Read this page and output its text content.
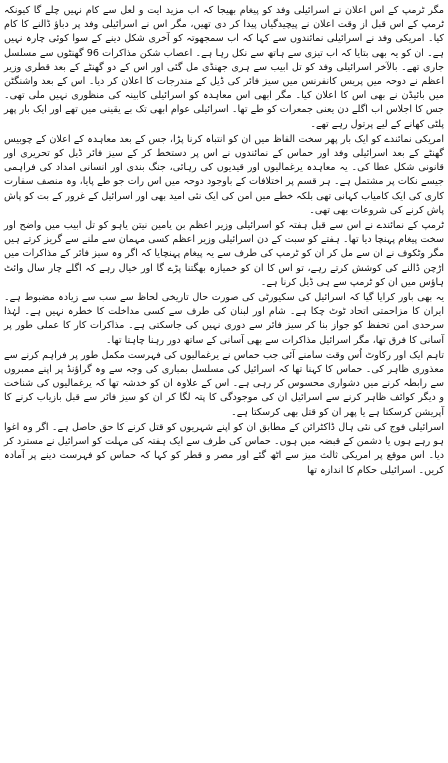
مگر ٹرمپ کے اس اعلان نے اسرائیلی وفد کو پیغام بھیجا کہ اب مزید ایت و لعل سے کام نہیں چلے گا کیونکہ ٹرمپ کے اس قبل از وقت اعلان نے پیچیدگیاں پیدا کر دی تھیں، مگر اس نے اسرائیلی وفد پر دباؤ ڈالنے کا کام کیا۔ امریکی وفد نے اسرائیلی نمائندوں سے کہا کہ اب سمجھوتہ کو آخری شکل دینے کے سوا کوئی چارہ نہیں ہے۔ ان کو یہ بھی بتایا کہ اب تیزی سے ہاتھ سے نکل رہا ہے۔ اعصاب شکن مذاکرات 96 گھنٹوں سے مسلسل جاری تھے۔ بالآخر اسرائیلی وفد کو تل ابیب سے ہری جھنڈی مل گئی اور اس کے دو گھنٹے کے بعد قطری وزیر اعظم نے دوحہ میں پریس کانفرنس میں سیز فائر کی ڈیل کے مندرجات کا اعلان کر دیا۔ اس کے بعد واشنگٹن میں بائیڈن نے بھی اس کا اعلان کیا۔ مگر ابھی اس معاہدہ کو اسرائیلی کابینہ کی منظوری نہیں ملی تھی۔ جس کا اجلاس اب اگلے دن یعنی جمعرات کو طے تھا۔ اسرائیلی عوام ابھی تک بے یقینی میں تھے اور ایک بار پھر پلٹی کھانے کے لیے پرتول رہے تھے۔

امریکی نمائندے کو ایک بار پھر سخت الفاظ میں ان کو انتباہ کرنا پڑا، جس کے بعد معاہدہ کے اعلان کے چوبیس گھنٹے کے بعد اسرائیلی وفد اور حماس کے نمائندوں نے اس پر دستخط کر کے سیز فائر ڈیل کو تحریری اور قانونی شکل عطا کی۔ یہ معاہدہ یرغمالیوں اور قیدیوں کی رہائی، جنگ بندی اور انسانی امداد کی فراہمی جیسے نکات پر مشتمل ہے۔ ہر قسم پر اختلافات کے باوجود دوحہ میں اس رات جو طے پایا، وہ منصف سفارت کاری کی ایک کامیاب کہانی تھی بلکہ خطے میں امن کی ایک نئی امید بھی اور اسرائیل کے غرور کے بت کو پاش پاش کرنے کی شروعات بھی تھی۔

ٹرمپ کے نمائندے نے اس سے قبل ہفتہ کو اسرائیلی وزیر اعظم بن یامین نیتن یاہو کو تل ابیب میں واضح اور سخت پیغام پہنچا دیا تھا۔ ہفتے کو سبت کے دن اسرائیلی وزیر اعظم کسی مہمان سے ملنے سے گریز کرتے ہیں مگر وٹکوف نے ان سے مل کر ان کو ٹرمپ کی طرف سے یہ پیغام پہنچایا کہ اگر وہ سیز فائر کے مذاکرات میں اڑچن ڈالنے کی کوشش کرتے رہے، تو اس کا ان کو خمیازہ بھگتنا پڑے گا اور خیال رہے کہ اگلے چار سال وائٹ ہاؤس میں ان کو ٹرمپ سے ہی ڈیل کرنا ہے۔

یہ بھی باور کرایا گیا کہ اسرائیل کی سکیورٹی کی صورت حال تاریخی لحاظ سے سب سے زیادہ مضبوط ہے۔ ایران کا مزاحمتی اتحاد ٹوٹ چکا ہے۔ شام اور لبنان کی طرف سے کسی مداخلت کا خطرہ نہیں ہے۔ لہٰذا سرحدی امن تحفظ کو جواز بنا کر سیز فائر سے دوری نہیں کی جاسکتی ہے۔ مذاکرات کار کا عملی طور پر آسانی کا فرق تھا، مگر اسرائیل مذاکرات سے بھی آسانی کے ساتھ دور رہنا چاہتا تھا۔

تاہم ایک اور رکاوٹ اُس وقت سامنے آئی جب حماس نے یرغمالیوں کی فہرست مکمل طور پر فراہم کرنے سے معذوری ظاہر کی۔ حماس کا کہنا تھا کہ اسرائیل کی مسلسل بمباری کی وجہ سے وہ گراؤنڈ پر اپنے ممبروں سے رابطہ کرنے میں دشواری محسوس کر رہی ہے۔ اس کے علاوہ ان کو خدشہ تھا کہ یرغمالیوں کی شناخت و دیگر کوائف ظاہر کرنے سے اسرائیل ان کی موجودگی کا پتہ لگا کر ان کو سیز فائر سے قبل بازیاب کرنے کا آپریشن کرسکتا ہے یا پھر ان کو قتل بھی کرسکتا ہے۔

اسرائیلی فوج کی نئی ہال ڈاکٹرائن کے مطابق ان کو اپنے شہریوں کو قتل کرنے کا حق حاصل ہے۔ اگر وہ اغوا ہو رہے ہوں یا دشمن کے قبضہ میں ہوں۔ حماس کی طرف سے ایک ہفتہ کی مہلت کو اسرائیل نے مسترد کر دیا۔ اس موقع پر امریکی ثالث میز سے اٹھ گئے اور مصر و قطر کو کہا کہ حماس کو فہرست دینے پر آمادہ کریں۔ اسرائیلی حکام کا اندازہ تھا
